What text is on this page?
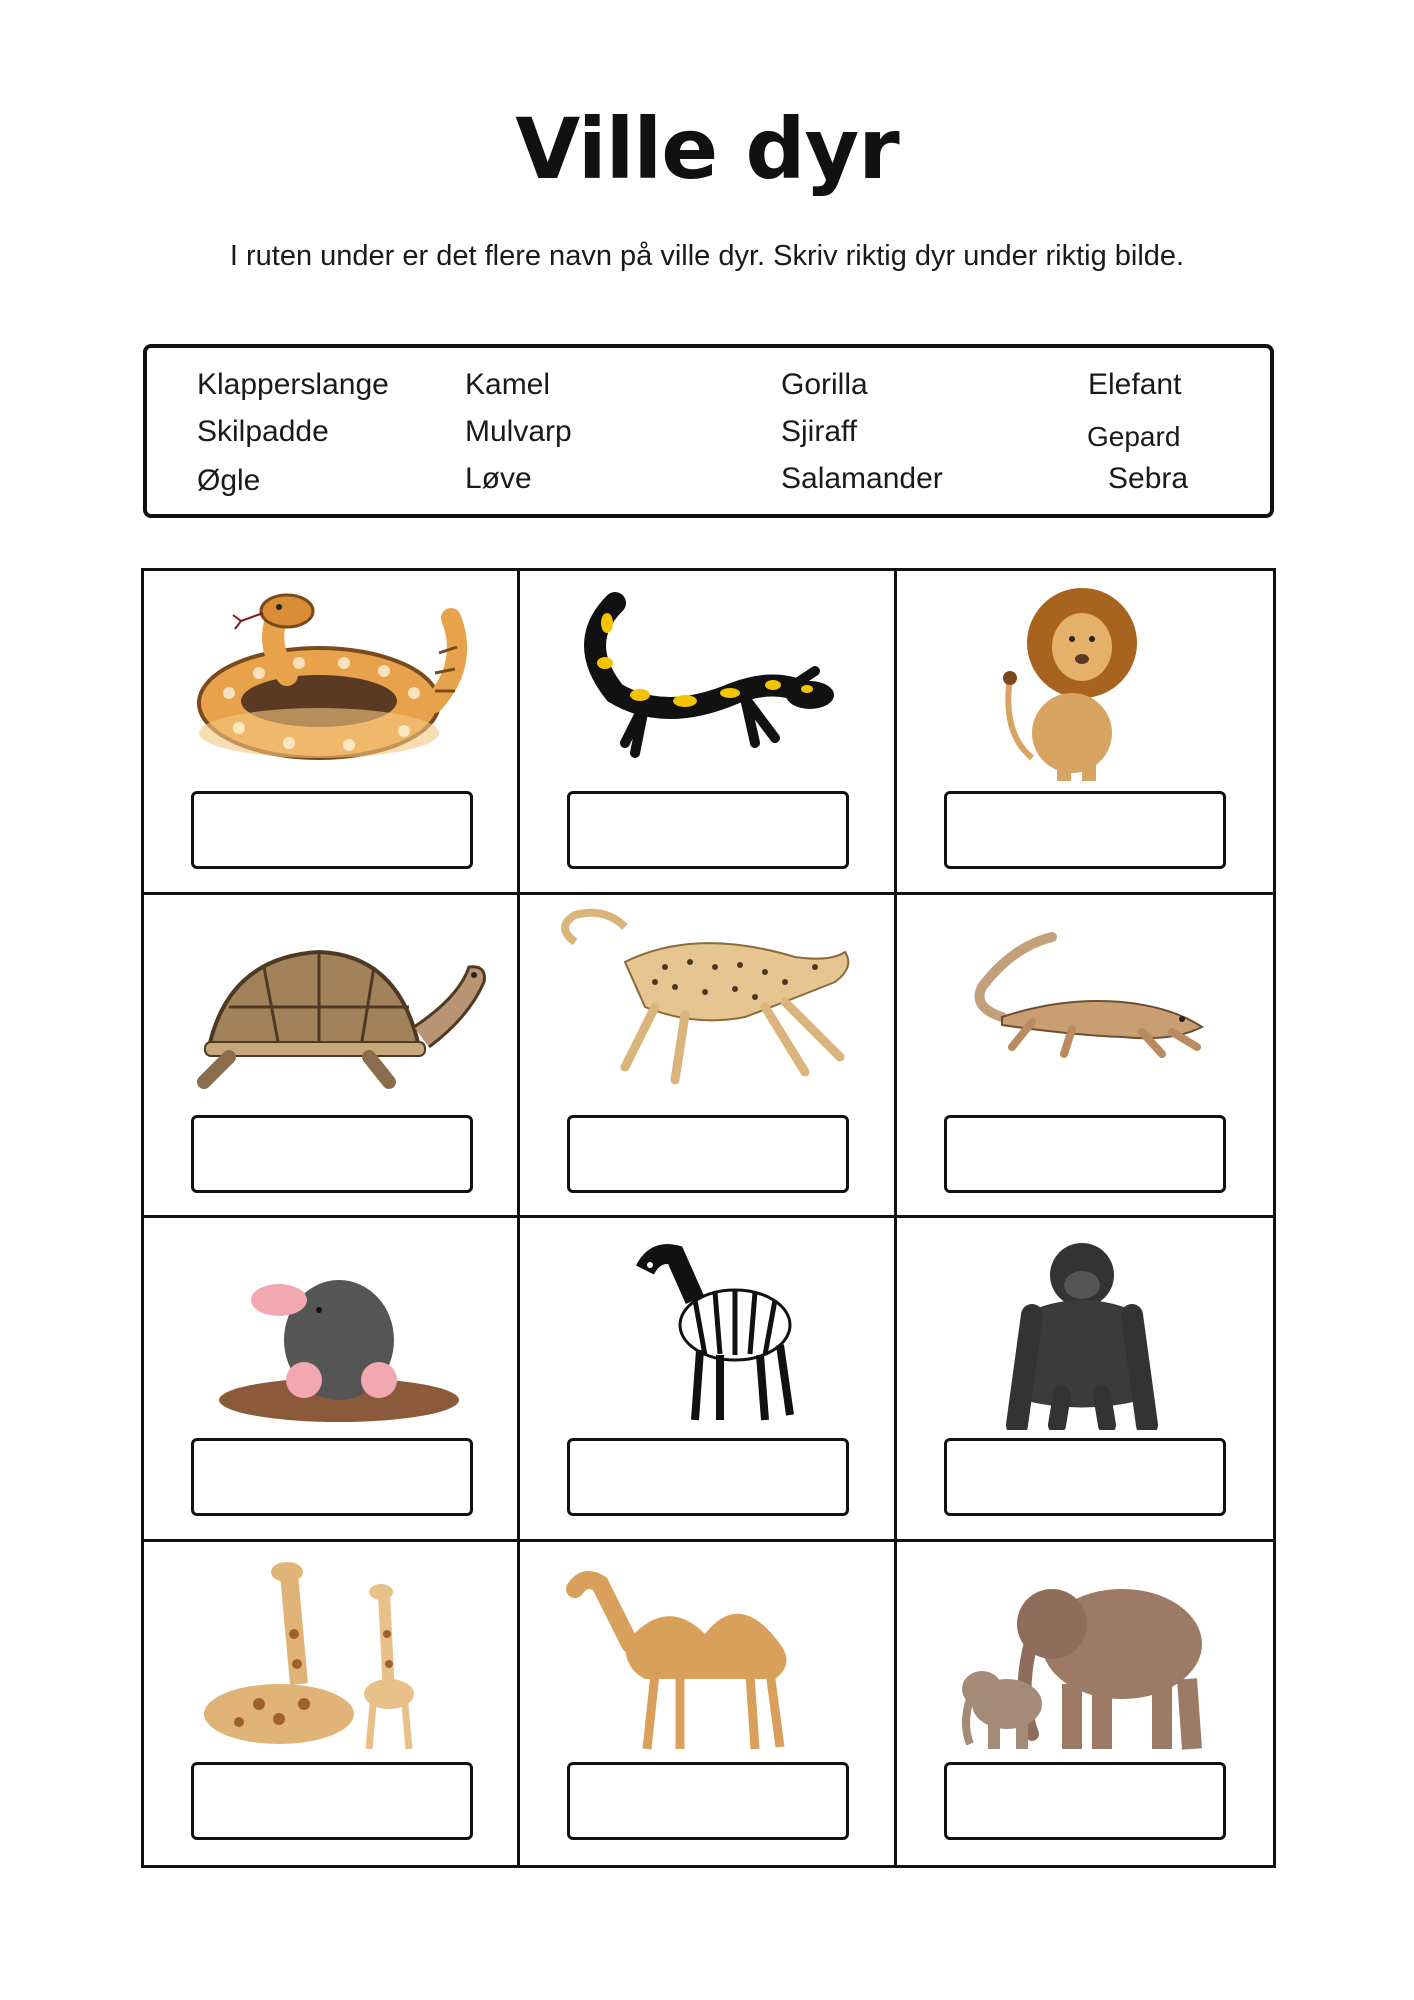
Ville dyr

I ruten under er det flere navn på ville dyr. Skriv riktig dyr under riktig bilde.

Klapperslange	Kamel	Gorilla	Elefant
Skilpadde	Mulvarp	Sjiraff	Gepard
Øgle	Løve	Salamander	Sebra
